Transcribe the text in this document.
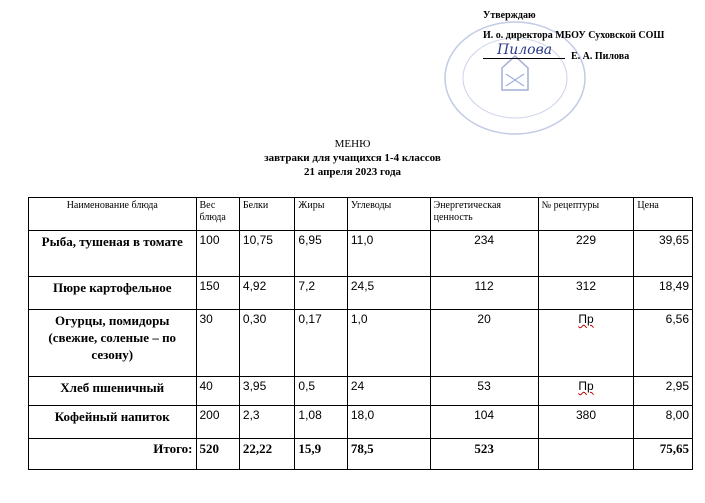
Утверждаю
И. о. директора МБОУ Суховской СОШ
Пилова Е. А. Пилова
МЕНЮ
завтраки для учащихся 1-4 классов
21 апреля 2023 года
Наименование блюда	Вес блюда	Белки	Жиры	Углеводы	Энергетическая ценность	№ рецептуры	Цена
Рыба, тушеная в томате	100	10,75	6,95	11,0	234	229	39,65
Пюре картофельное	150	4,92	7,2	24,5	112	312	18,49
Огурцы, помидоры (свежие, соленые – по сезону)	30	0,30	0,17	1,0	20	Пр	6,56
Хлеб пшеничный	40	3,95	0,5	24	53	Пр	2,95
Кофейный напиток	200	2,3	1,08	18,0	104	380	8,00
Итого:	520	22,22	15,9	78,5	523		75,65
